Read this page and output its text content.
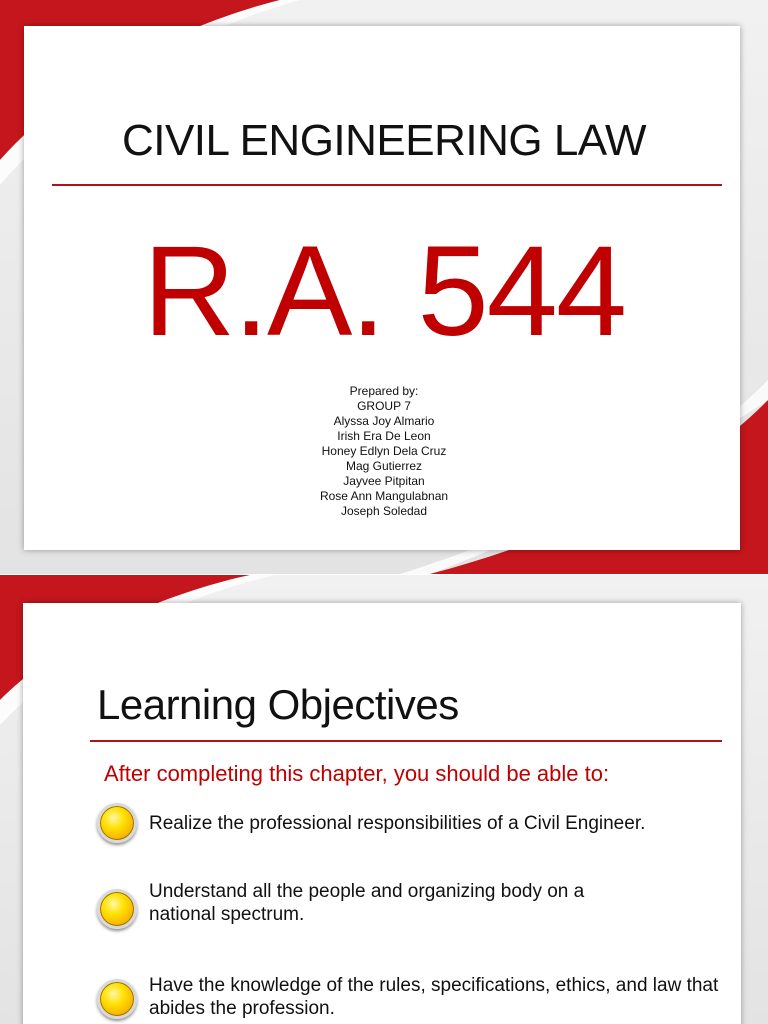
CIVIL ENGINEERING LAW
R.A. 544
Prepared by:
GROUP 7
Alyssa Joy Almario
Irish Era De Leon
Honey Edlyn Dela Cruz
Mag Gutierrez
Jayvee Pitpitan
Rose Ann Mangulabnan
Joseph Soledad
Learning Objectives
After completing this chapter, you should be able to:
Realize the professional responsibilities of a Civil Engineer.
Understand all the people and organizing body on a national spectrum.
Have the knowledge of the rules, specifications, ethics, and law that abides the profession.
